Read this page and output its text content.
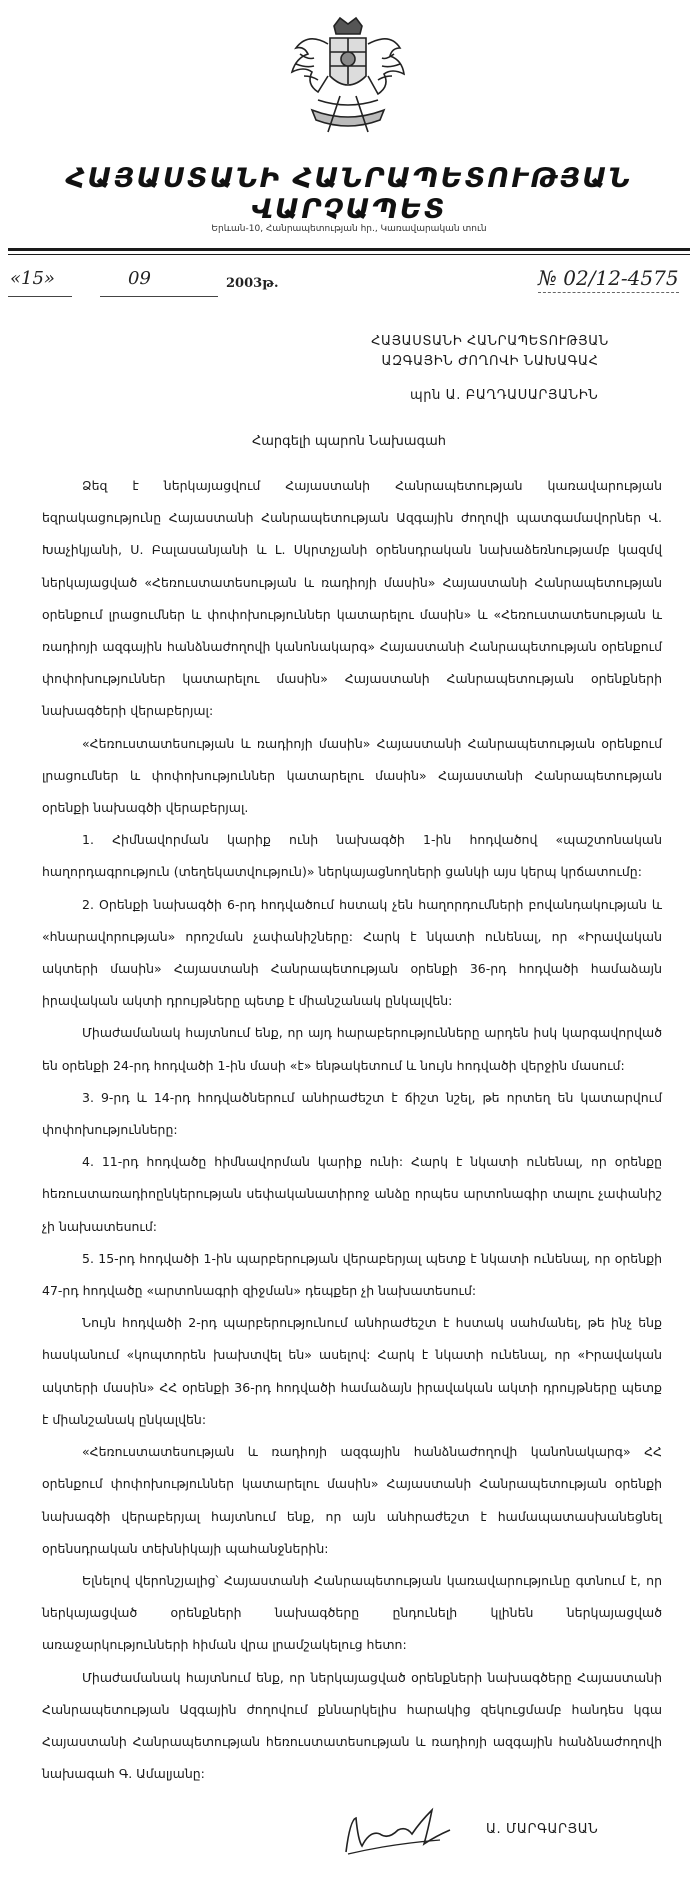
ՀԱՅԱՍՏԱՆԻ ՀԱՆՐԱՊԵՏՈՒԹՅԱՆ ՎԱՐՉԱՊԵՏ
Երևան-10, Հանրապետության հր., Կառավարական տուն
«15»	09	2003թ.	№ 02/12-4575
ՀԱՅԱՍՏԱՆԻ ՀԱՆՐԱՊԵՏՈՒԹՅԱՆ
ԱԶԳԱՅԻՆ ԺՈՂՈՎԻ ՆԱԽԱԳԱՀ
պրն Ա. ԲԱՂԴԱՍԱՐՅԱՆԻՆ
Հարգելի պարոն Նախագահ

Ձեզ է ներկայացվում Հայաստանի Հանրապետության կառավարության եզրակացությունը Հայաստանի Հանրապետության Ազգային ժողովի պատգամավորներ Վ. Խաչիկյանի, Ս. Բալասանյանի և Լ. Սկրտչյանի օրենսդրական նախաձեռնությամբ կազմվ ներկայացված «Հեռուստատեսության և ռադիոյի մասին» Հայաստանի Հանրապետության օրենքում լրացումներ և փոփոխություններ կատարելու մասին» և «Հեռուստատեսության և ռադիոյի ազգային հանձնաժողովի կանոնակարգ» Հայաստանի Հանրապետության օրենքում փոփոխություններ կատարելու մասին» Հայաստանի Հանրապետության օրենքների նախագծերի վերաբերյալ:

«Հեռուստատեսության և ռադիոյի մասին» Հայաստանի Հանրապետության օրենքում լրացումներ և փոփոխություններ կատարելու մասին» Հայաստանի Հանրապետության օրենքի նախագծի վերաբերյալ.

1. Հիմնավորման կարիք ունի նախագծի 1-ին հոդվածով «պաշտոնական հաղորդագրություն (տեղեկատվություն)» ներկայացնողների ցանկի այս կերպ կրճատումը:

2. Օրենքի նախագծի 6-րդ հոդվածում հստակ չեն հաղորդումների բովանդակության և «հնարավորության» որոշման չափանիշները: Հարկ է նկատի ունենալ, որ «Իրավական ակտերի մասին» Հայաստանի Հանրապետության օրենքի 36-րդ հոդվածի համաձայն իրավական ակտի դրույթները պետք է միանշանակ ընկալվեն:

Միաժամանակ հայտնում ենք, որ այդ հարաբերությունները արդեն իսկ կարգավորված են օրենքի 24-րդ հոդվածի 1-ին մասի «է» ենթակետում և նույն հոդվածի վերջին մասում:

3. 9-րդ և 14-րդ հոդվածներում անհրաժեշտ է ճիշտ նշել, թե որտեղ են կատարվում փոփոխությունները:

4. 11-րդ հոդվածը հիմնավորման կարիք ունի: Հարկ է նկատի ունենալ, որ օրենքը հեռուստառադիոընկերության սեփականատիրոջ անձը որպես արտոնագիր տալու չափանիշ չի նախատեսում:

5. 15-րդ հոդվածի 1-ին պարբերության վերաբերյալ պետք է նկատի ունենալ, որ օրենքի 47-րդ հոդվածը «արտոնագրի զիջման» դեպքեր չի նախատեսում:

Նույն հոդվածի 2-րդ պարբերությունում անհրաժեշտ է հստակ սահմանել, թե ինչ ենք հասկանում «կոպտորեն խախտվել են» ասելով: Հարկ է նկատի ունենալ, որ «Իրավական ակտերի մասին» ՀՀ օրենքի 36-րդ հոդվածի համաձայն իրավական ակտի դրույթները պետք է միանշանակ ընկալվեն:

«Հեռուստատեսության և ռադիոյի ազգային հանձնաժողովի կանոնակարգ» ՀՀ օրենքում փոփոխություններ կատարելու մասին» Հայաստանի Հանրապետության օրենքի նախագծի վերաբերյալ հայտնում ենք, որ այն անհրաժեշտ է համապատասխանեցնել օրենսդրական տեխնիկայի պահանջներին:

Ելնելով վերոնշյալից՝ Հայաստանի Հանրապետության կառավարությունը գտնում է, որ ներկայացված օրենքների նախագծերը ընդունելի կլինեն ներկայացված առաջարկությունների հիման վրա լրամշակելուց հետո:

Միաժամանակ հայտնում ենք, որ ներկայացված օրենքների նախագծերը Հայաստանի Հանրապետության Ազգային ժողովում քննարկելիս հարակից զեկուցմամբ հանդես կգա Հայաստանի Հանրապետության հեռուստատեսության և ռադիոյի ազգային հանձնաժողովի նախագահ Գ. Ամալյանը:

Ա. ՄԱՐԳԱՐՅԱՆ
